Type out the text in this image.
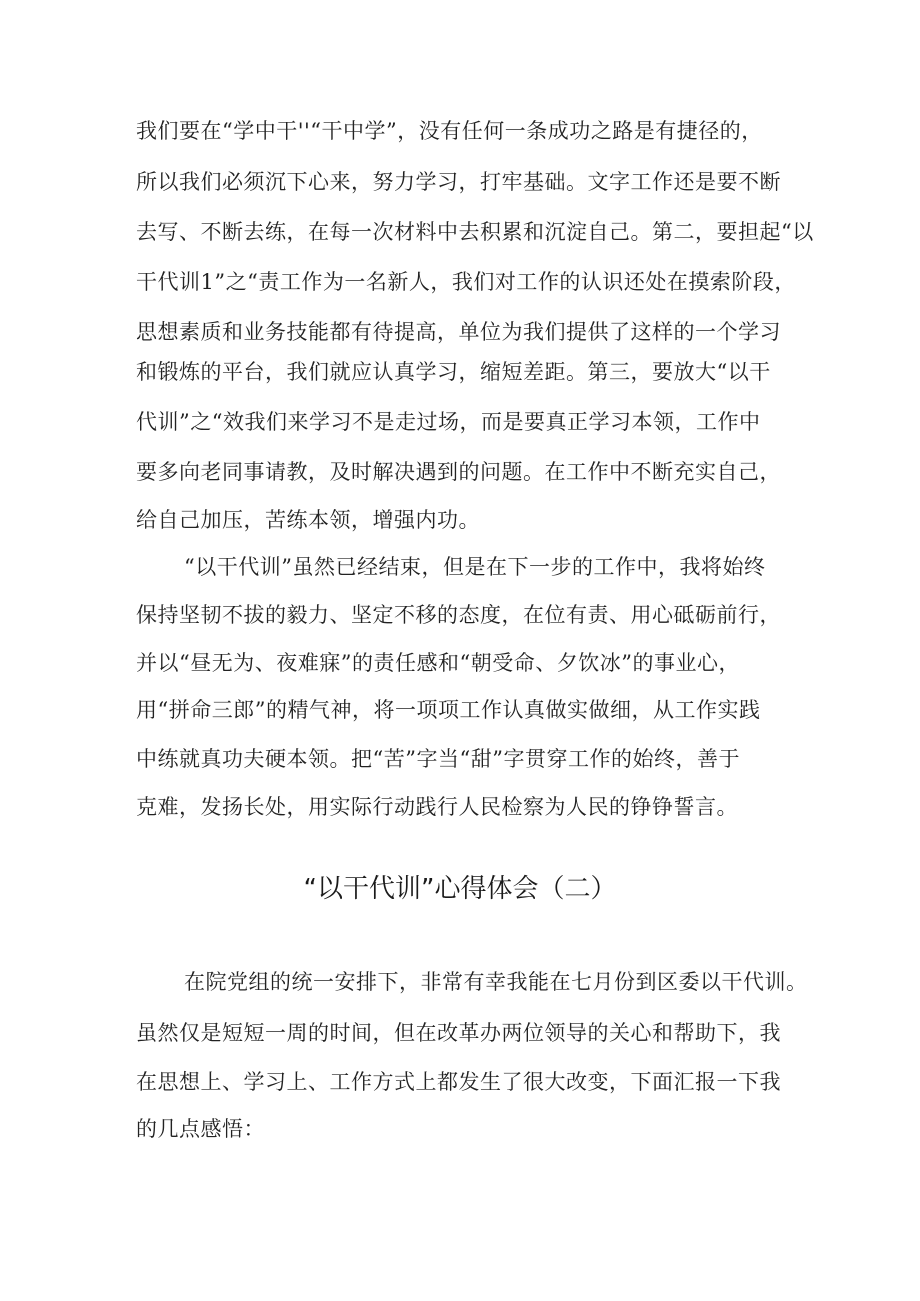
我们要在“学中干''“干中学”，没有任何一条成功之路是有捷径的，
所以我们必须沉下心来，努力学习，打牢基础。文字工作还是要不断
去写、不断去练，在每一次材料中去积累和沉淀自己。第二，要担起“以
干代训1”之“责工作为一名新人，我们对工作的认识还处在摸索阶段，
思想素质和业务技能都有待提高，单位为我们提供了这样的一个学习
和锻炼的平台，我们就应认真学习，缩短差距。第三，要放大“以干
代训”之“效我们来学习不是走过场，而是要真正学习本领，工作中
要多向老同事请教，及时解决遇到的问题。在工作中不断充实自己，
给自己加压，苦练本领，增强内功。
“以干代训”虽然已经结束，但是在下一步的工作中，我将始终
保持坚韧不拔的毅力、坚定不移的态度，在位有责、用心砥砺前行，
并以“昼无为、夜难寐”的责任感和“朝受命、夕饮冰”的事业心，
用“拼命三郎”的精气神，将一项项工作认真做实做细，从工作实践
中练就真功夫硬本领。把“苦”字当“甜”字贯穿工作的始终，善于
克难，发扬长处，用实际行动践行人民检察为人民的铮铮誓言。
“以干代训”心得体会（二）
在院党组的统一安排下，非常有幸我能在七月份到区委以干代训。
虽然仅是短短一周的时间，但在改革办两位领导的关心和帮助下，我
在思想上、学习上、工作方式上都发生了很大改变，下面汇报一下我
的几点感悟：
